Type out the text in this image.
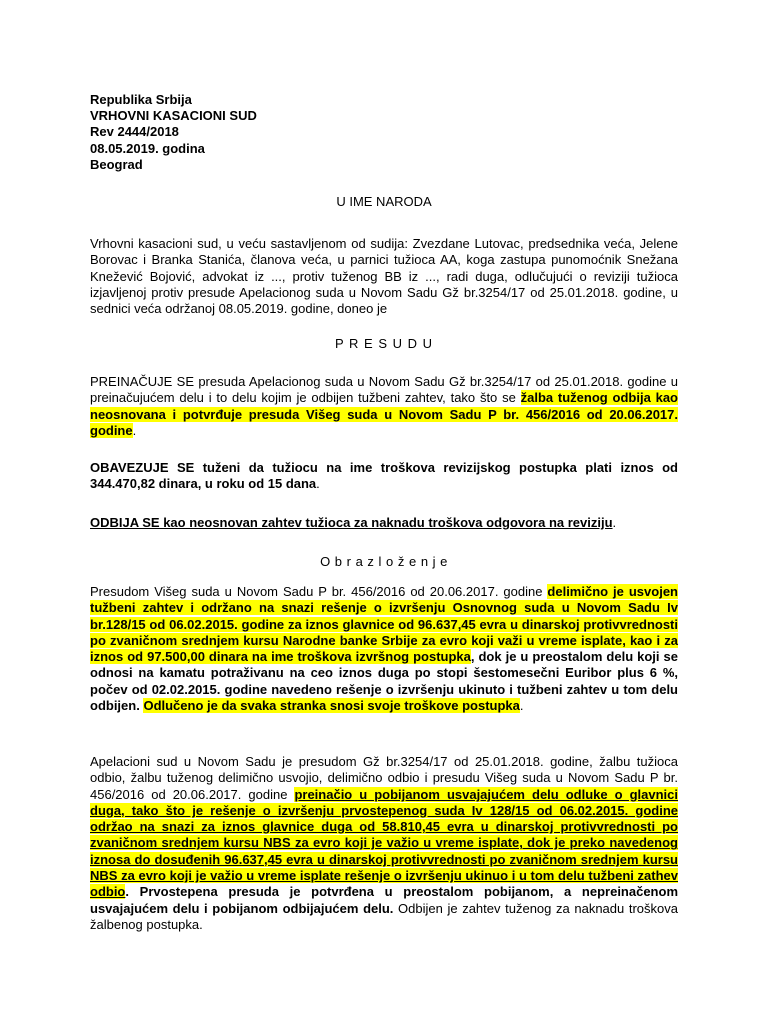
Republika Srbija
VRHOVNI KASACIONI SUD
Rev 2444/2018
08.05.2019. godina
Beograd
U IME NARODA
Vrhovni kasacioni sud, u veću sastavljenom od sudija: Zvezdane Lutovac, predsednika veća, Jelene Borovac i Branka Stanića, članova veća, u parnici tužioca AA, koga zastupa punomoćnik Snežana Knežević Bojović, advokat iz ..., protiv tuženog BB iz ..., radi duga, odlučujući o reviziji tužioca izjavljenoj protiv presude Apelacionog suda u Novom Sadu Gž br.3254/17 od 25.01.2018. godine, u sednici veća održanoj 08.05.2019. godine, doneo je
P R E S U D U
PREINAČUJE SE presuda Apelacionog suda u Novom Sadu Gž br.3254/17 od 25.01.2018. godine u preinačujućem delu i to delu kojim je odbijen tužbeni zahtev, tako što se žalba tuženog odbija kao neosnovana i potvrđuje presuda Višeg suda u Novom Sadu P br. 456/2016 od 20.06.2017. godine.
OBAVEZUJE SE tuženi da tužiocu na ime troškova revizijskog postupka plati iznos od 344.470,82 dinara, u roku od 15 dana.
ODBIJA SE kao neosnovan zahtev tužioca za naknadu troškova odgovora na reviziju.
O b r a z l o ž e n j e
Presudom Višeg suda u Novom Sadu P br. 456/2016 od 20.06.2017. godine delimično je usvojen tužbeni zahtev i održano na snazi rešenje o izvršenju Osnovnog suda u Novom Sadu Iv br.128/15 od 06.02.2015. godine za iznos glavnice od 96.637,45 evra u dinarskoj protivvrednosti po zvaničnom srednjem kursu Narodne banke Srbije za evro koji važi u vreme isplate, kao i za iznos od 97.500,00 dinara na ime troškova izvršnog postupka, dok je u preostalom delu koji se odnosi na kamatu potraživanu na ceo iznos duga po stopi šestomesečni Euribor plus 6 %, počev od 02.02.2015. godine navedeno rešenje o izvršenju ukinuto i tužbeni zahtev u tom delu odbijen. Odlučeno je da svaka stranka snosi svoje troškove postupka.
Apelacioni sud u Novom Sadu je presudom Gž br.3254/17 od 25.01.2018. godine, žalbu tužioca odbio, žalbu tuženog delimično usvojio, delimično odbio i presudu Višeg suda u Novom Sadu P br. 456/2016 od 20.06.2017. godine preinačio u pobijanom usvajajućem delu odluke o glavnici duga, tako što je rešenje o izvršenju prvostepenog suda Iv 128/15 od 06.02.2015. godine održao na snazi za iznos glavnice duga od 58.810,45 evra u dinarskoj protivvrednosti po zvaničnom srednjem kursu NBS za evro koji je važio u vreme isplate, dok je preko navedenog iznosa do dosuđenih 96.637,45 evra u dinarskoj protivvrednosti po zvaničnom srednjem kursu NBS za evro koji je važio u vreme isplate rešenje o izvršenju ukinuo i u tom delu tužbeni zathev odbio. Prvostepena presuda je potvrđena u preostalom pobijanom, a nepreinačenom usvajajućem delu i pobijanom odbijajućem delu. Odbijen je zahtev tuženog za naknadu troškova žalbenog postupka.
